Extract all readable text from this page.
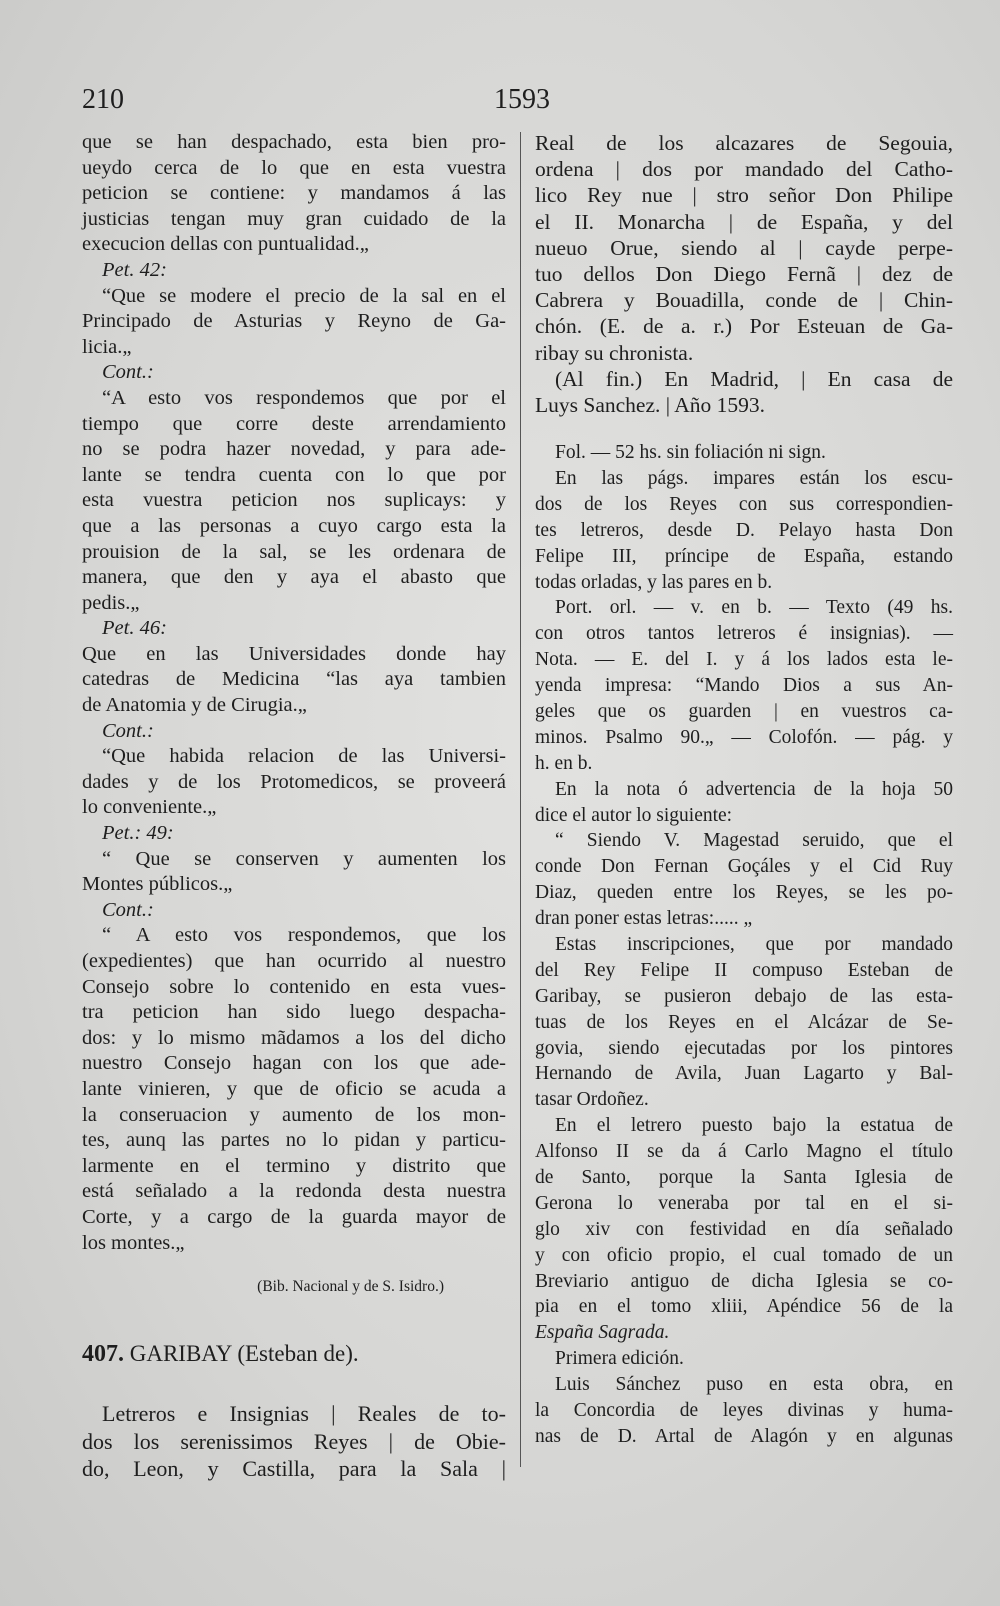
210	1593
que se han despachado, esta bien pro-
ueydo cerca de lo que en esta vuestra
peticion se contiene: y mandamos á las
justicias tengan muy gran cuidado de la
execucion dellas con puntualidad.„
Pet. 42:
“Que se modere el precio de la sal en el
Principado de Asturias y Reyno de Ga-
licia.„
Cont.:
“A esto vos respondemos que por el
tiempo que corre deste arrendamiento
no se podra hazer novedad, y para ade-
lante se tendra cuenta con lo que por
esta vuestra peticion nos suplicays: y
que a las personas a cuyo cargo esta la
prouision de la sal, se les ordenara de
manera, que den y aya el abasto que
pedis.„
Pet. 46:
Que en las Universidades donde hay
catedras de Medicina “las aya tambien
de Anatomia y de Cirugia.„
Cont.:
“Que habida relacion de las Universi-
dades y de los Protomedicos, se proveerá
lo conveniente.„
Pet.: 49:
“ Que se conserven y aumenten los
Montes públicos.„
Cont.:
“ A esto vos respondemos, que los
(expedientes) que han ocurrido al nuestro
Consejo sobre lo contenido en esta vues-
tra peticion han sido luego despacha-
dos: y lo mismo mãdamos a los del dicho
nuestro Consejo hagan con los que ade-
lante vinieren, y que de oficio se acuda a
la conseruacion y aumento de los mon-
tes, aunq las partes no lo pidan y particu-
larmente en el termino y distrito que
está señalado a la redonda desta nuestra
Corte, y a cargo de la guarda mayor de
los montes.„
(Bib. Nacional y de S. Isidro.)
407. GARIBAY (Esteban de).
Letreros e Insignias | Reales de to-
dos los serenissimos Reyes | de Obie-
do, Leon, y Castilla, para la Sala |
Real de los alcazares de Segouia,
ordena | dos por mandado del Catho-
lico Rey nue | stro señor Don Philipe
el II. Monarcha | de España, y del
nueuo Orue, siendo al | cayde perpe-
tuo dellos Don Diego Fernã | dez de
Cabrera y Bouadilla, conde de | Chin-
chón. (E. de a. r.) Por Esteuan de Ga-
ribay su chronista.
(Al fin.) En Madrid, | En casa de
Luys Sanchez. | Año 1593.
Fol. — 52 hs. sin foliación ni sign.
En las págs. impares están los escu-
dos de los Reyes con sus correspondien-
tes letreros, desde D. Pelayo hasta Don
Felipe III, príncipe de España, estando
todas orladas, y las pares en b.
Port. orl. — v. en b. — Texto (49 hs.
con otros tantos letreros é insignias). —
Nota. — E. del I. y á los lados esta le-
yenda impresa: “Mando Dios a sus An-
geles que os guarden | en vuestros ca-
minos. Psalmo 90.„ — Colofón. — pág. y
h. en b.
En la nota ó advertencia de la hoja 50
dice el autor lo siguiente:
“ Siendo V. Magestad seruido, que el
conde Don Fernan Goçáles y el Cid Ruy
Diaz, queden entre los Reyes, se les po-
dran poner estas letras:..... „
Estas inscripciones, que por mandado
del Rey Felipe II compuso Esteban de
Garibay, se pusieron debajo de las esta-
tuas de los Reyes en el Alcázar de Se-
govia, siendo ejecutadas por los pintores
Hernando de Avila, Juan Lagarto y Bal-
tasar Ordoñez.
En el letrero puesto bajo la estatua de
Alfonso II se da á Carlo Magno el título
de Santo, porque la Santa Iglesia de
Gerona lo veneraba por tal en el si-
glo xiv con festividad en día señalado
y con oficio propio, el cual tomado de un
Breviario antiguo de dicha Iglesia se co-
pia en el tomo xliii, Apéndice 56 de la
España Sagrada.
Primera edición.
Luis Sánchez puso en esta obra, en
la Concordia de leyes divinas y huma-
nas de D. Artal de Alagón y en algunas
